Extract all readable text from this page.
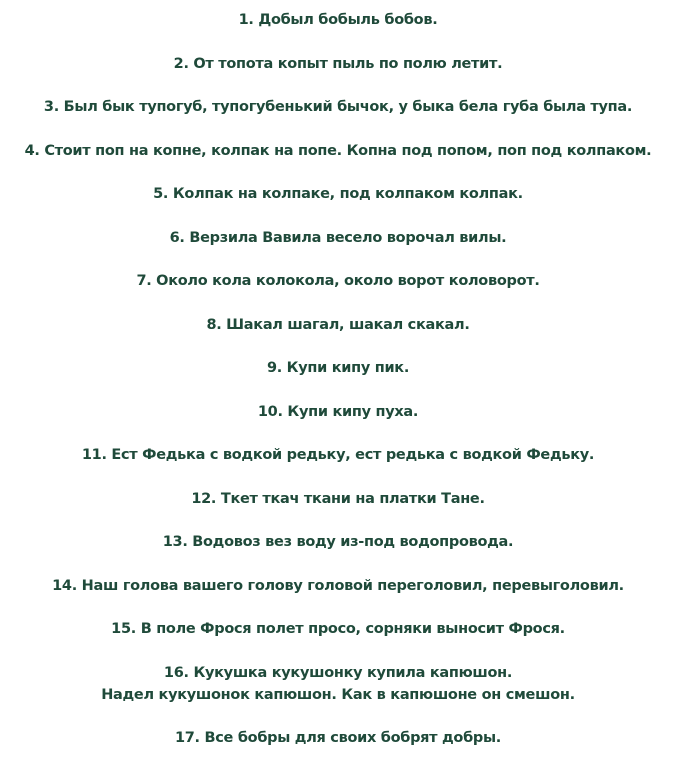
1. Добыл бобыль бобов.
2. От топота копыт пыль по полю летит.
3. Был бык тупогуб, тупогубенький бычок, у быка бела губа была тупа.
4. Стоит поп на копне, колпак на попе. Копна под попом, поп под колпаком.
5. Колпак на колпаке, под колпаком колпак.
6. Верзила Вавила весело ворочал вилы.
7. Около кола колокола, около ворот коловорот.
8. Шакал шагал, шакал скакал.
9. Купи кипу пик.
10. Купи кипу пуха.
11. Ест Федька с водкой редьку, ест редька с водкой Федьку.
12. Ткет ткач ткани на платки Тане.
13. Водовоз вез воду из-под водопровода.
14. Наш голова вашего голову головой переголовил, перевыголовил.
15. В поле Фрося полет просо, сорняки выносит Фрося.
16. Кукушка кукушонку купила капюшон.
Надел кукушонок капюшон. Как в капюшоне он смешон.
17. Все бобры для своих бобрят добры.
